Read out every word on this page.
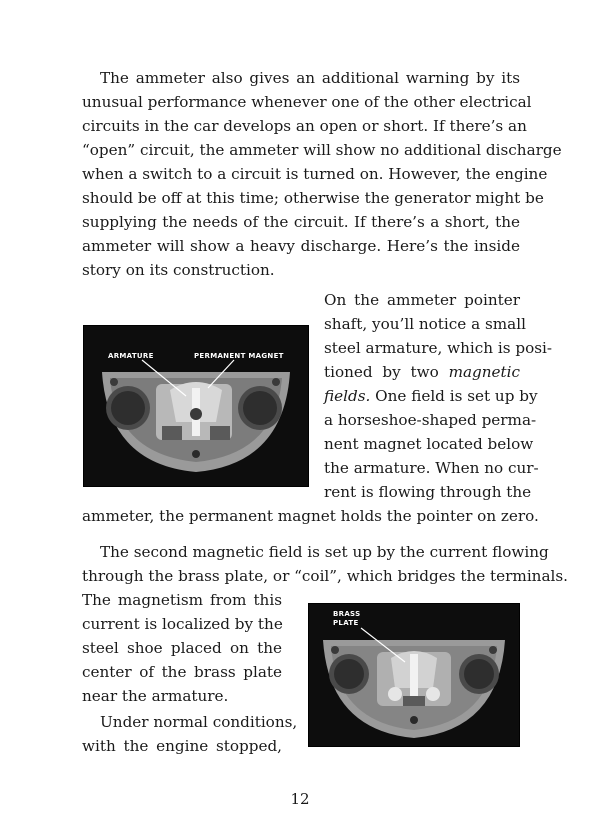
The ammeter also gives an additional warning by its
unusual performance whenever one of the other electrical
circuits in the car develops an open or short. If there’s an
“open” circuit, the ammeter will show no additional discharge
when a switch to a circuit is turned on. However, the engine
should be off at this time; otherwise the generator might be
supplying the needs of the circuit. If there’s a short, the
ammeter will show a heavy discharge. Here’s the inside
story on its construction.
ARMATURE	PERMANENT MAGNET
On the ammeter pointer
shaft, you’ll notice a small
steel armature, which is posi-
tioned by two magnetic
fields. One field is set up by
a horseshoe-shaped perma-
nent magnet located below
the armature. When no cur-
rent is flowing through the
ammeter, the permanent magnet holds the pointer on zero.
The second magnetic field is set up by the current flowing
through the brass plate, or “coil”, which bridges the terminals.
The magnetism from this
current is localized by the
steel shoe placed on the
center of the brass plate
near the armature.
Under normal conditions,
with the engine stopped,
BRASS
PLATE
12
